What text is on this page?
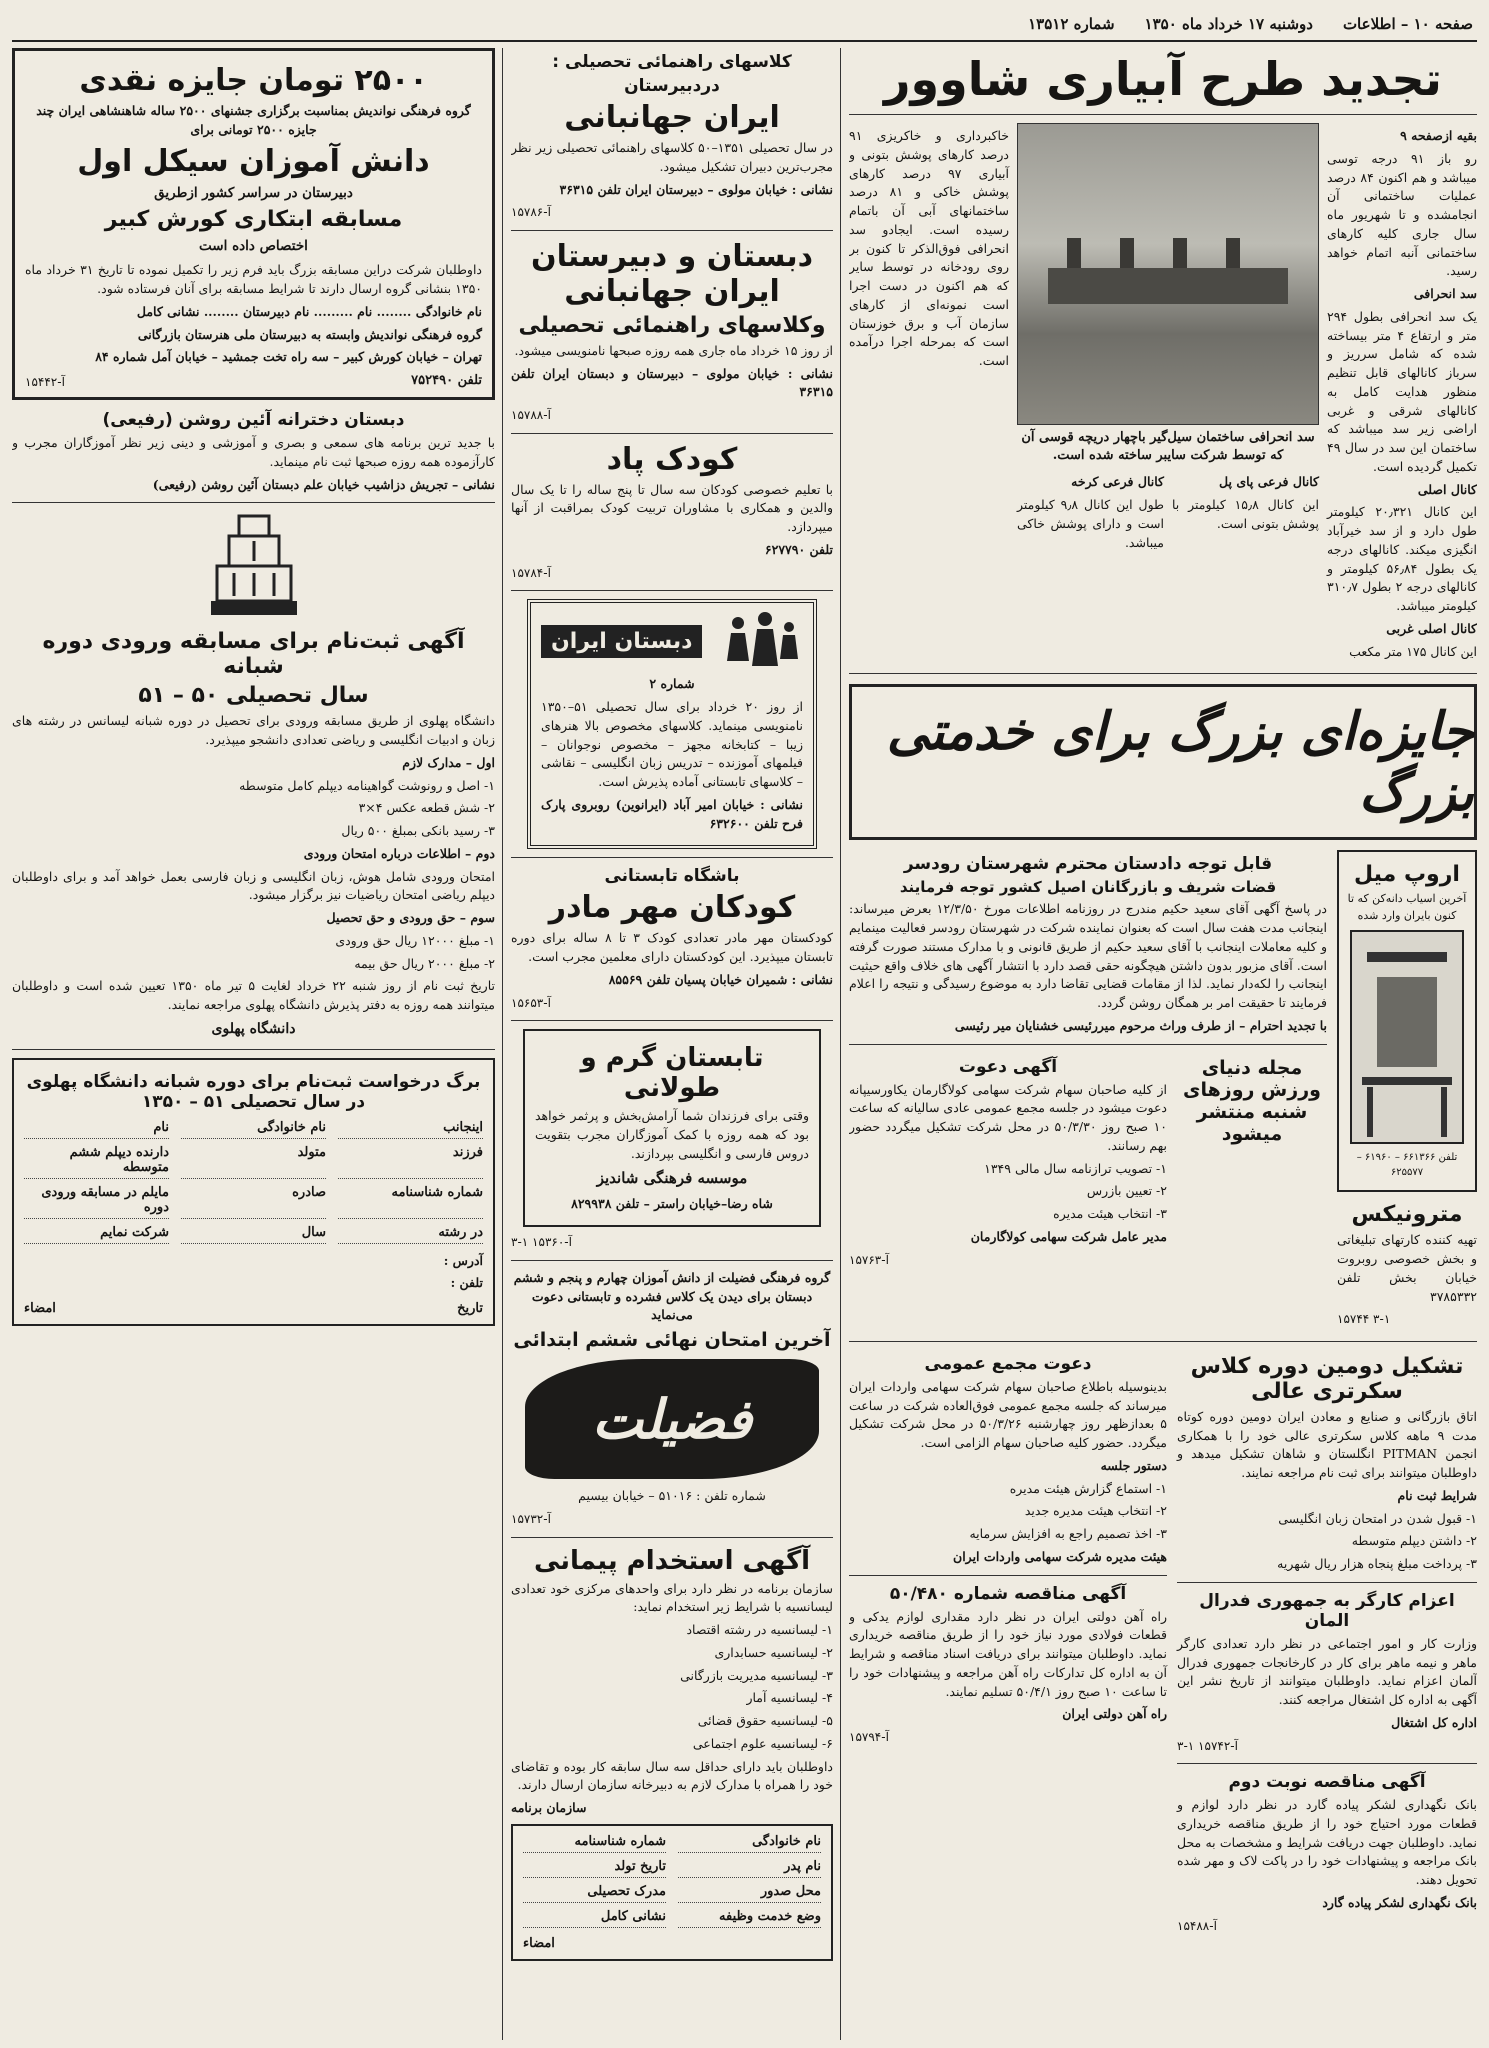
صفحه ۱۰ – اطلاعات
دوشنبه ۱۷ خرداد ماه ۱۳۵۰
شماره ۱۳۵۱۲
تجدید طرح آبیاری شاوور

بقیه ازصفحه ۹

رو باز ۹۱ درجه توسی میباشد و هم اکنون ۸۴ درصد عملیات ساختمانی آن انجامشده و تا شهریور ماه سال جاری کلیه کارهای ساختمانی آنبه اتمام خواهد رسید.

سد انحرافی

یک سد انحرافی بطول ۲۹۴ متر و ارتفاع ۴ متر بیساخته شده که شامل سرریز و سرباز کانالهای قابل تنظیم منظور هدایت کامل به کانالهای شرقی و غربی اراضی زیر سد میباشد که ساختمان این سد در سال ۴۹ تکمیل گردیده است.

کانال اصلی

این کانال ۲۰٫۳۲۱ کیلومتر طول دارد و از سد خیرآباد انگیزی میکند. کانالهای درجه یک بطول ۵۶٫۸۴ کیلومتر و کانالهای درجه ۲ بطول ۳۱۰٫۷ کیلومتر میباشد.

کانال اصلی غربی

این کانال ۱۷۵ متر مکعب

سد انحرافی ساختمان سیل‌گیر باچهار دریچه قوسی آن که توسط شرکت سایبر ساخته شده است.

کانال فرعی پای پل

این کانال ۱۵٫۸ کیلومتر با پوشش بتونی است.

کانال فرعی کرخه

طول این کانال ۹٫۸ کیلومتر است و دارای پوشش خاکی میباشد.

خاکبرداری و خاکریزی ۹۱ درصد کارهای پوشش بتونی و آبیاری ۹۷ درصد کارهای پوشش خاکی و ۸۱ درصد ساختمانهای آبی آن باتمام رسیده است. ایجادو سد انحرافی فوق‌الذکر تا کنون بر روی رودخانه در توسط سایر که هم اکنون در دست اجرا است نمونه‌ای از کارهای سازمان آب و برق خوزستان است که بمرحله اجرا درآمده است.

جایزه‌ای بزرگ برای خدمتی بزرگ
اروپ میل

آخرین اسیاب دانه‌کن که تا کنون بایران وارد شده

تلفن ۶۶۱۳۶۶ – ۶۱۹۶۰ – ۶۲۵۵۷۷

مترونیکس

تهیه کننده کارتهای تبلیغاتی و بخش خصوصی روبروت خیابان بخش تلفن ۳۷۸۵۳۳۲

۱۵۷۴۴ ۳-۱

قابل توجه دادستان محترم شهرستان رودسر
قضات شریف و بازرگانان اصیل کشور توجه فرمایند

در پاسخ آگهی آقای سعید حکیم مندرج در روزنامه اطلاعات مورخ ۱۲/۳/۵۰ بعرض میرساند: اینجانب مدت هفت سال است که بعنوان نماینده شرکت در شهرستان رودسر فعالیت مینمایم و کلیه معاملات اینجانب با آقای سعید حکیم از طریق قانونی و با مدارک مستند صورت گرفته است. آقای مزبور بدون داشتن هیچگونه حقی قصد دارد با انتشار آگهی های خلاف واقع حیثیت اینجانب را لکه‌دار نماید. لذا از مقامات قضایی تقاضا دارد به موضوع رسیدگی و نتیجه را اعلام فرمایند تا حقیقت امر بر همگان روشن گردد.

با تجدید احترام – از طرف وراث مرحوم میررئیسی خشنایان میر رئیسی

مجله دنیای ورزش روزهای شنبه منتشر میشود
آگهی دعوت

از کلیه صاحبان سهام شرکت سهامی کولاگارمان یکاورسیپانه دعوت میشود در جلسه مجمع عمومی عادی سالیانه که ساعت ۱۰ صبح روز ۵۰/۳/۳۰ در محل شرکت تشکیل میگردد حضور بهم رسانند.

۱- تصویب ترازنامه سال مالی ۱۳۴۹

۲- تعیین بازرس

۳- انتخاب هیئت مدیره

مدیر عامل شرکت سهامی کولاگارمان

آ-۱۵۷۶۳

تشکیل دومین دوره کلاس سکرتری عالی

اتاق بازرگانی و صنایع و معادن ایران دومین دوره کوتاه مدت ۹ ماهه کلاس سکرتری عالی خود را با همکاری انجمن PITMAN انگلستان و شاهان تشکیل میدهد و داوطلبان میتوانند برای ثبت نام مراجعه نمایند.

شرایط ثبت نام

۱- قبول شدن در امتحان زبان انگلیسی

۲- داشتن دیپلم متوسطه

۳- پرداخت مبلغ پنجاه هزار ریال شهریه

اعزام کارگر به جمهوری فدرال المان

وزارت کار و امور اجتماعی در نظر دارد تعدادی کارگر ماهر و نیمه ماهر برای کار در کارخانجات جمهوری فدرال آلمان اعزام نماید. داوطلبان میتوانند از تاریخ نشر این آگهی به اداره کل اشتغال مراجعه کنند.

اداره کل اشتغال

۳-۱ آ-۱۵۷۴۲

آگهی مناقصه نوبت دوم

بانک نگهداری لشکر پیاده گارد در نظر دارد لوازم و قطعات مورد احتیاج خود را از طریق مناقصه خریداری نماید. داوطلبان جهت دریافت شرایط و مشخصات به محل بانک مراجعه و پیشنهادات خود را در پاکت لاک و مهر شده تحویل دهند.

بانک نگهداری لشکر پیاده گارد

آ-۱۵۴۸۸

دعوت مجمع عمومی

بدینوسیله باطلاع صاحبان سهام شرکت سهامی واردات ایران میرساند که جلسه مجمع عمومی فوق‌العاده شرکت در ساعت ۵ بعدازظهر روز چهارشنبه ۵۰/۳/۲۶ در محل شرکت تشکیل میگردد. حضور کلیه صاحبان سهام الزامی است.

دستور جلسه

۱- استماع گزارش هیئت مدیره

۲- انتخاب هیئت مدیره جدید

۳- اخذ تصمیم راجع به افزایش سرمایه

هیئت مدیره شرکت سهامی واردات ایران

آگهی مناقصه شماره ۵۰/۴۸۰

راه آهن دولتی ایران در نظر دارد مقداری لوازم یدکی و قطعات فولادی مورد نیاز خود را از طریق مناقصه خریداری نماید. داوطلبان میتوانند برای دریافت اسناد مناقصه و شرایط آن به اداره کل تدارکات راه آهن مراجعه و پیشنهادات خود را تا ساعت ۱۰ صبح روز ۵۰/۴/۱ تسلیم نمایند.

راه آهن دولتی ایران

آ-۱۵۷۹۴

کلاسهای راهنمائی تحصیلی :
دردبیرستان
ایران جهانبانی

در سال تحصیلی ۱۳۵۱–۵۰ کلاسهای راهنمائی تحصیلی زیر نظر مجرب‌ترین دبیران تشکیل میشود.

نشانی : خیابان مولوی – دبیرستان ایران تلفن ۳۶۳۱۵

آ-۱۵۷۸۶

دبستان و دبیرستان ایران جهانبانی
وکلاسهای راهنمائی تحصیلی

از روز ۱۵ خرداد ماه جاری همه روزه صبحها نامنویسی میشود.

نشانی : خیابان مولوی – دبیرستان و دبستان ایران تلفن ۳۶۳۱۵

آ-۱۵۷۸۸

کودک پاد

با تعلیم خصوصی کودکان سه سال تا پنج ساله را تا یک سال والدین و همکاری با مشاوران تربیت کودک بمراقبت از آنها میپردازد.

تلفن ۶۲۷۷۹۰

آ-۱۵۷۸۴

دبستان ایران

شماره ۲

از روز ۲۰ خرداد برای سال تحصیلی ۵۱–۱۳۵۰ نامنویسی مینماید. کلاسهای مخصوص بالا هنرهای زیبا – کتابخانه مجهز – مخصوص نوجوانان – فیلمهای آموزنده – تدریس زبان انگلیسی – نقاشی – کلاسهای تابستانی آماده پذیرش است.

نشانی : خیابان امیر آباد (ایرانوین) روبروی پارک فرح تلفن ۶۳۲۶۰۰

باشگاه تابستانی
کودکان مهر مادر

کودکستان مهر مادر تعدادی کودک ۳ تا ۸ ساله برای دوره تابستان میپذیرد. این کودکستان دارای معلمین مجرب است.

نشانی : شمیران خیابان پسیان تلفن ۸۵۵۶۹

آ-۱۵۶۵۳

تابستان گرم و طولانی

وقتی برای فرزندان شما آرامش‌بخش و پرثمر خواهد بود که همه روزه با کمک آموزگاران مجرب بتقویت دروس فارسی و انگلیسی بپردازند.

موسسه فرهنگی شاندیز

شاه رضا–خیابان راستر – تلفن ۸۲۹۹۳۸

۳-۱ آ-۱۵۳۶۰

گروه فرهنگی فضیلت از دانش آموزان چهارم و پنجم و ششم دبستان برای دیدن یک کلاس فشرده و تابستانی دعوت می‌نماید

آخرین امتحان نهائی ششم ابتدائی
فضیلت

شماره تلفن : ۵۱۰۱۶ – خیابان بیسیم

آ-۱۵۷۳۲

آگهی استخدام پیمانی

سازمان برنامه در نظر دارد برای واحدهای مرکزی خود تعدادی لیسانسیه با شرایط زیر استخدام نماید:

۱- لیسانسیه در رشته اقتصاد

۲- لیسانسیه حسابداری

۳- لیسانسیه مدیریت بازرگانی

۴- لیسانسیه آمار

۵- لیسانسیه حقوق قضائی

۶- لیسانسیه علوم اجتماعی

داوطلبان باید دارای حداقل سه سال سابقه کار بوده و تقاضای خود را همراه با مدارک لازم به دبیرخانه سازمان ارسال دارند.

سازمان برنامه

نام خانوادگی
شماره شناسنامه
نام پدر
تاریخ تولد
محل صدور
مدرک تحصیلی
وضع خدمت وظیفه
نشانی کامل
امضاء
۲۵۰۰ تومان جایزه نقدی

گروه فرهنگی نواندیش بمناسبت برگزاری جشنهای ۲۵۰۰ ساله شاهنشاهی ایران چند جایزه ۲۵۰۰ تومانی برای

دانش آموزان سیکل اول

دبیرستان در سراسر کشور ازطریق

مسابقه ابتکاری کورش کبیر

اختصاص داده است

داوطلبان شرکت دراین مسابقه بزرگ باید فرم زیر را تکمیل نموده تا تاریخ ۳۱ خرداد ماه ۱۳۵۰ بنشانی گروه ارسال دارند تا شرایط مسابقه برای آنان فرستاده شود.

نام خانوادگی ........ نام ......... نام دبیرستان ........ نشانی کامل

گروه فرهنگی نواندیش وابسته به دبیرستان ملی هنرستان بازرگانی

تهران – خیابان کورش کبیر – سه راه تخت جمشید – خیابان آمل شماره ۸۴

تلفن ۷۵۲۴۹۰
آ-۱۵۴۴۲
دبستان دخترانه آئین روشن (رفیعی)

با جدید ترین برنامه های سمعی و بصری و آموزشی و دینی زیر نظر آموزگاران مجرب و کارآزموده همه روزه صبحها ثبت نام مینماید.

نشانی – تجریش دزاشیب خیابان علم دبستان آئین روشن (رفیعی)

آگهی ثبت‌نام برای مسابقه ورودی دوره شبانه
سال تحصیلی ۵۰ – ۵۱

دانشگاه پهلوی از طریق مسابقه ورودی برای تحصیل در دوره شبانه لیسانس در رشته های زبان و ادبیات انگلیسی و ریاضی تعدادی دانشجو میپذیرد.

اول – مدارک لازم

۱- اصل و رونوشت گواهینامه دیپلم کامل متوسطه

۲- شش قطعه عکس ۴×۳

۳- رسید بانکی بمبلغ ۵۰۰ ریال

دوم – اطلاعات درباره امتحان ورودی

امتحان ورودی شامل هوش، زبان انگلیسی و زبان فارسی بعمل خواهد آمد و برای داوطلبان دیپلم ریاضی امتحان ریاضیات نیز برگزار میشود.

سوم – حق ورودی و حق تحصیل

۱- مبلغ ۱۲۰۰۰ ریال حق ورودی

۲- مبلغ ۲۰۰۰ ریال حق بیمه

تاریخ ثبت نام از روز شنبه ۲۲ خرداد لغایت ۵ تیر ماه ۱۳۵۰ تعیین شده است و داوطلبان میتوانند همه روزه به دفتر پذیرش دانشگاه پهلوی مراجعه نمایند.

دانشگاه پهلوی

برگ درخواست ثبت‌نام برای دوره شبانه دانشگاه پهلوی در سال تحصیلی ۵۱ – ۱۳۵۰
اینجانب
نام خانوادگی
نام
فرزند
متولد
دارنده دیپلم ششم متوسطه
شماره شناسنامه
صادره
مایلم در مسابقه ورودی دوره
در رشته
سال
شرکت نمایم

آدرس :

تلفن :

تاریخ
امضاء
